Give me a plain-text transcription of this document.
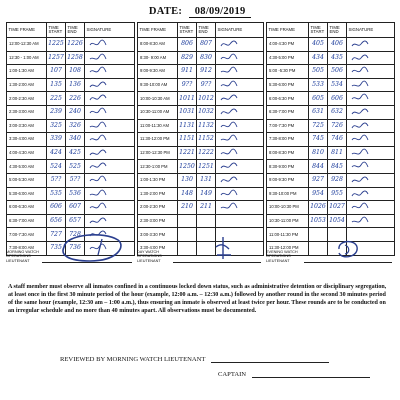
DATE: 08/09/2019
TIME FRAME	TIME START	TIME END	SIGNATURE
12:00-12:30 AM	1225	1226	

12:30 - 1:00 AM	1257	1258	

1:00-1:30 AM	107	108	

1:30-2:00 AM	135	136	

2:00-2:30 AM	225	226	

2:30-3:00 AM	239	240	

3:00-3:30 AM	325	326	

3:30-4:00 AM	339	340	

4:00-4:30 AM	424	425	

4:30-5:00 AM	524	525	

5:00-5:30 AM	5??	5??	

5:30-6:00 AM	535	536	

6:00-6:30 AM	606	607	

6:30-7:00 AM	656	657	

7:00-7:30 AM	727	728	

7:30-8:00 AM	735	736	
TIME FRAME	TIME START	TIME END	SIGNATURE
8:00-8:30 AM	806	807	

8:30- 9:00 AM	829	830	

9:00-9:30 AM	911	912	

9:30-10:00 AM	9??	9??	

10:00-10:30 AM	1011	1012	

10:30-11:00 AM	1031	1032	

11:00-11:30 AM	1131	1132	

11:30-12:00 PM	1151	1152	

12:00-12:30 PM	1221	1222	

12:30-1:00 PM	1250	1251	

1:00-1:30 PM	130	131	

1:30-2:00 PM	148	149	

2:00-2:30 PM	210	211	

2:30-3:00 PM			
3:00-3:30 PM			
3:30-4:00 PM			
TIME FRAME	TIME START	TIME END	SIGNATURE
4:00-4:30 PM	405	406	

4:30-5:00 PM	434	435	

5:00 -5:30 PM	505	506	

5:30-6:00 PM	533	534	

6:00-6:30 PM	605	606	

6:30-7:00 PM	631	632	

7:00-7:30 PM	725	726	

7:30-8:00 PM	745	746	

8:00-8:30 PM	810	811	

8:30-9:00 PM	844	845	

9:00-9:30 PM	927	928	

9:30-10:00 PM	954	955	

10:00-10:30 PM	1026	1027	

10:30-11:00 PM	1053	1054	

11:00-11:30 PM			
11:30-12:00 PM			
MORNING WATCH OPERATIONS LIEUTENANT
DAY WATCH OPERATIONS LIEUTENANT
EVENING WATCH OPERATIONS LIEUTENANT
A staff member must observe all inmates confined in a continuous locked down status, such as administrative detention or disciplinary segregation, at least once in the first 30 minute period of the hour (example, 12:00 a.m. – 12:30 a.m.) followed by another round in the second 30 minutes period of the same hour (example, 12:30 am – 1:00 a.m.), thus ensuring an inmate is observed at least twice per hour. These rounds are to be conducted on an irregular schedule and no more than 40 minutes apart. All observations must be documented.
REVIEWED BY MORNING WATCH LIEUTENANT
CAPTAIN
